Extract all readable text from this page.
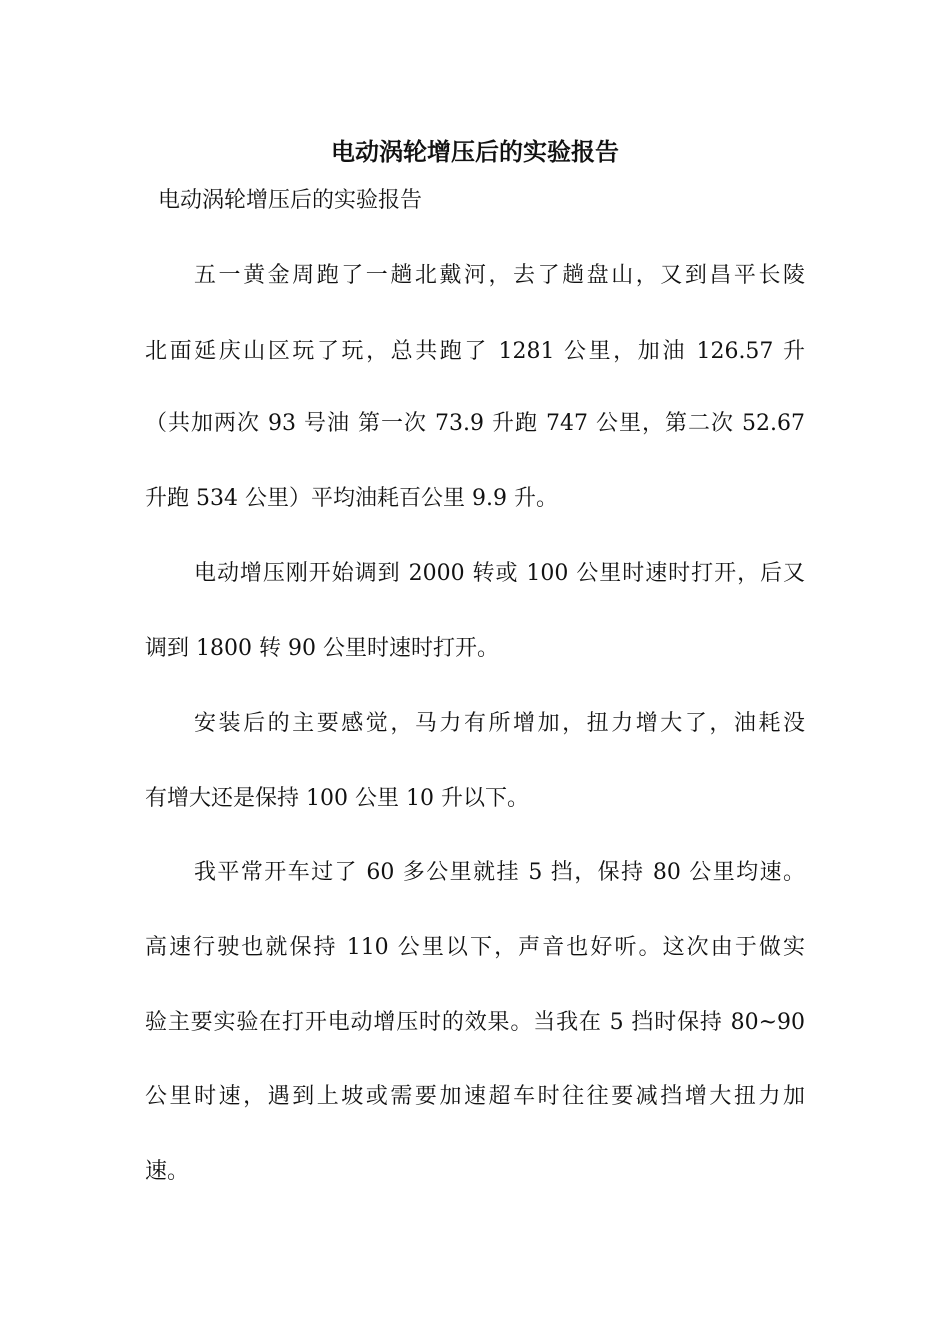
电动涡轮增压后的实验报告
电动涡轮增压后的实验报告
五一黄金周跑了一趟北戴河，去了趟盘山，又到昌平长陵
北面延庆山区玩了玩，总共跑了 1281 公里，加油 126.57 升
（共加两次 93 号油 第一次 73.9 升跑 747 公里，第二次 52.67
升跑 534 公里）平均油耗百公里 9.9 升。
电动增压刚开始调到 2000 转或 100 公里时速时打开，后又
调到 1800 转 90 公里时速时打开。
安装后的主要感觉，马力有所增加，扭力增大了，油耗没
有增大还是保持 100 公里 10 升以下。
我平常开车过了 60 多公里就挂 5 挡，保持 80 公里均速。
高速行驶也就保持 110 公里以下，声音也好听。这次由于做实
验主要实验在打开电动增压时的效果。当我在 5 挡时保持 80~90
公里时速，遇到上坡或需要加速超车时往往要减挡增大扭力加
速。
